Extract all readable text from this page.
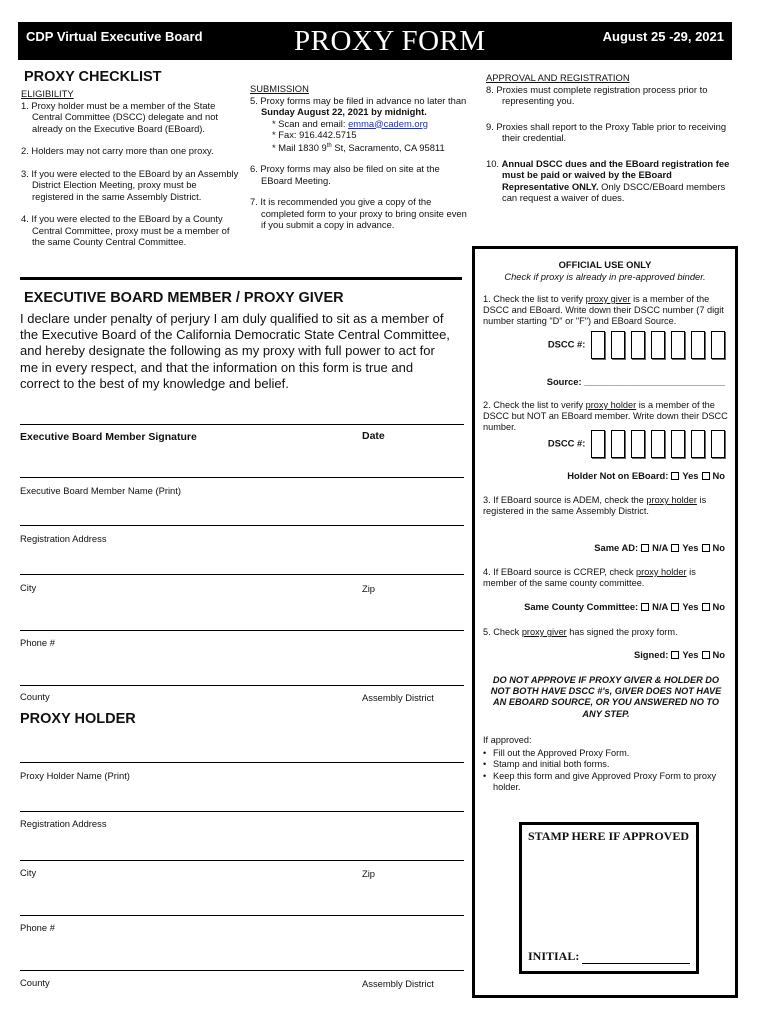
CDP Virtual Executive Board	PROXY FORM	August 25 -29, 2021
PROXY CHECKLIST
ELIGIBILITY

1. Proxy holder must be a member of the State Central Committee (DSCC) delegate and not already on the Executive Board (EBoard).

2. Holders may not carry more than one proxy.

3. If you were elected to the EBoard by an Assembly District Election Meeting, proxy must be registered in the same Assembly District.

4. If you were elected to the EBoard by a County Central Committee, proxy must be a member of the same County Central Committee.

SUBMISSION

5. Proxy forms may be filed in advance no later than Sunday August 22, 2021 by midnight.
* Scan and email: emma@cadem.org
* Fax: 916.442.5715
* Mail 1830 9th St, Sacramento, CA 95811

6. Proxy forms may also be filed on site at the EBoard Meeting.

7. It is recommended you give a copy of the completed form to your proxy to bring onsite even if you submit a copy in advance.

APPROVAL AND REGISTRATION

8. Proxies must complete registration process prior to representing you.

9. Proxies shall report to the Proxy Table prior to receiving their credential.

10. Annual DSCC dues and the EBoard registration fee must be paid or waived by the EBoard Representative ONLY. Only DSCC/EBoard members can request a waiver of dues.

EXECUTIVE BOARD MEMBER / PROXY GIVER
I declare under penalty of perjury I am duly qualified to sit as a member of the Executive Board of the California Democratic State Central Committee, and hereby designate the following as my proxy with full power to act for me in every respect, and that the information on this form is true and correct to the best of my knowledge and belief.
Executive Board Member Signature	Date
Executive Board Member Name (Print)
Registration Address
City	Zip
Phone #
County	Assembly District
PROXY HOLDER
Proxy Holder Name (Print)
Registration Address
City	Zip
Phone #
County	Assembly District
OFFICIAL USE ONLY
Check if proxy is already in pre-approved binder.
1. Check the list to verify proxy giver is a member of the DSCC and EBoard. Write down their DSCC number (7 digit number starting "D" or "F") and EBoard Source.
DSCC #:
Source: ___________________________
2. Check the list to verify proxy holder is a member of the DSCC but NOT an EBoard member. Write down their DSCC number.
DSCC #:
Holder Not on EBoard: Yes No
3. If EBoard source is ADEM, check the proxy holder is registered in the same Assembly District.
Same AD: N/A Yes No
4. If EBoard source is CCREP, check proxy holder is member of the same county committee.
Same County Committee: N/A Yes No
5. Check proxy giver has signed the proxy form.
Signed: Yes No
DO NOT APPROVE IF PROXY GIVER & HOLDER DO NOT BOTH HAVE DSCC #'s, GIVER DOES NOT HAVE AN EBOARD SOURCE, OR YOU ANSWERED NO TO ANY STEP.
If approved:
• Fill out the Approved Proxy Form.
• Stamp and initial both forms.
• Keep this form and give Approved Proxy Form to proxy holder.
STAMP HERE IF APPROVED
INITIAL:
